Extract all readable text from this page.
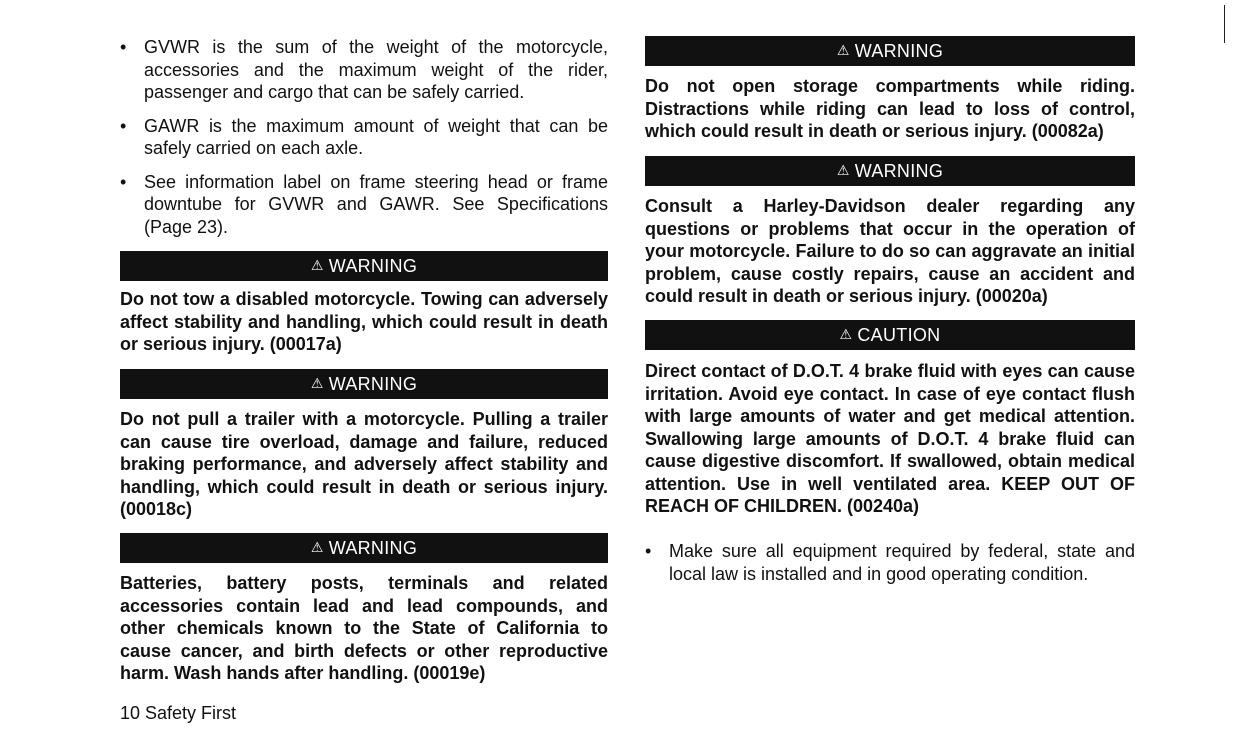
• GVWR is the sum of the weight of the motorcycle, accessories and the maximum weight of the rider, passenger and cargo that can be safely carried.
• GAWR is the maximum amount of weight that can be safely carried on each axle.
• See information label on frame steering head or frame downtube for GVWR and GAWR. See Specifications (Page 23).
⚠ WARNING

Do not tow a disabled motorcycle. Towing can adversely affect stability and handling, which could result in death or serious injury. (00017a)

⚠ WARNING

Do not pull a trailer with a motorcycle. Pulling a trailer can cause tire overload, damage and failure, reduced braking performance, and adversely affect stability and handling, which could result in death or serious injury. (00018c)

⚠ WARNING

Batteries, battery posts, terminals and related accessories contain lead and lead compounds, and other chemicals known to the State of California to cause cancer, and birth defects or other reproductive harm. Wash hands after handling. (00019e)

⚠ WARNING

Do not open storage compartments while riding. Distractions while riding can lead to loss of control, which could result in death or serious injury. (00082a)

⚠ WARNING

Consult a Harley-Davidson dealer regarding any questions or problems that occur in the operation of your motorcycle. Failure to do so can aggravate an initial problem, cause costly repairs, cause an accident and could result in death or serious injury. (00020a)

⚠ CAUTION

Direct contact of D.O.T. 4 brake fluid with eyes can cause irritation. Avoid eye contact. In case of eye contact flush with large amounts of water and get medical attention. Swallowing large amounts of D.O.T. 4 brake fluid can cause digestive discomfort. If swallowed, obtain medical attention. Use in well ventilated area. KEEP OUT OF REACH OF CHILDREN. (00240a)

• Make sure all equipment required by federal, state and local law is installed and in good operating condition.
10 Safety First
